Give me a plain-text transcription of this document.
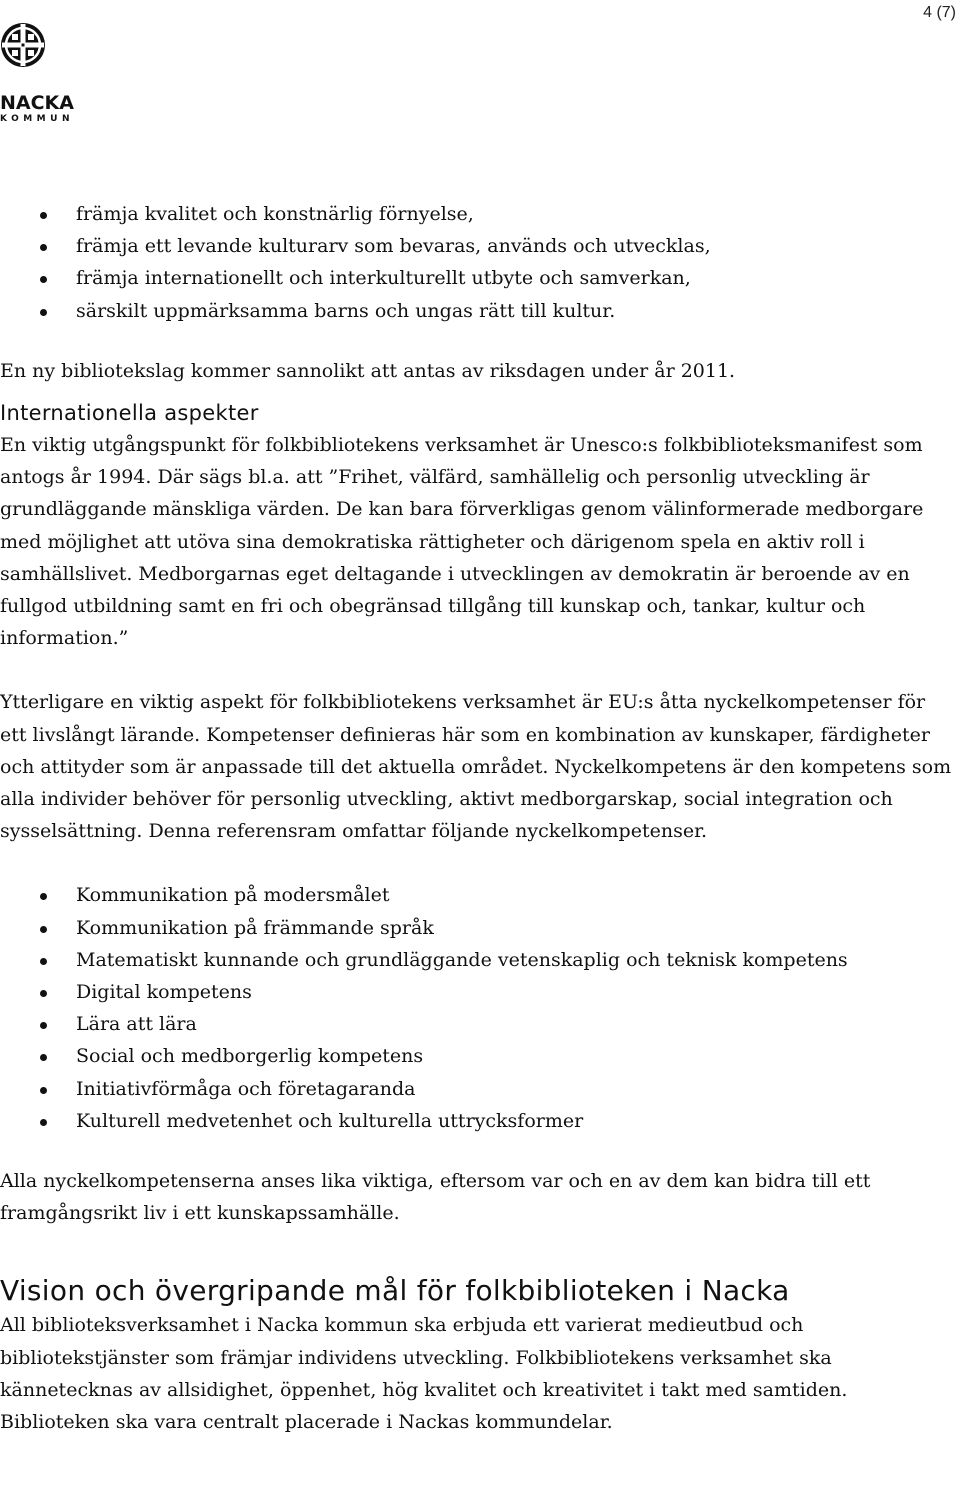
4 (7)
NACKA
KOMMUN
främja kvalitet och konstnärlig förnyelse,
främja ett levande kulturarv som bevaras, används och utvecklas,
främja internationellt och interkulturellt utbyte och samverkan,
särskilt uppmärksamma barns och ungas rätt till kultur.

En ny bibliotekslag kommer sannolikt att antas av riksdagen under år 2011.

Internationella aspekter

En viktig utgångspunkt för folkbibliotekens verksamhet är Unesco:s folkbiblioteksmanifest som antogs år 1994. Där sägs bl.a. att ”Frihet, välfärd, samhällelig och personlig utveckling är grundläggande mänskliga värden. De kan bara förverkligas genom välinformerade medborgare med möjlighet att utöva sina demokratiska rättigheter och därigenom spela en aktiv roll i samhällslivet. Medborgarnas eget deltagande i utvecklingen av demokratin är beroende av en fullgod utbildning samt en fri och obegränsad tillgång till kunskap och, tankar, kultur och information.”

Ytterligare en viktig aspekt för folkbibliotekens verksamhet är EU:s åtta nyckelkompetenser för ett livslångt lärande. Kompetenser definieras här som en kombination av kunskaper, färdigheter och attityder som är anpassade till det aktuella området. Nyckelkompetens är den kompetens som alla individer behöver för personlig utveckling, aktivt medborgarskap, social integration och sysselsättning. Denna referensram omfattar följande nyckelkompetenser.

Kommunikation på modersmålet
Kommunikation på främmande språk
Matematiskt kunnande och grundläggande vetenskaplig och teknisk kompetens
Digital kompetens
Lära att lära
Social och medborgerlig kompetens
Initiativförmåga och företagaranda
Kulturell medvetenhet och kulturella uttrycksformer

Alla nyckelkompetenserna anses lika viktiga, eftersom var och en av dem kan bidra till ett framgångsrikt liv i ett kunskapssamhälle.

Vision och övergripande mål för folkbiblioteken i Nacka

All biblioteksverksamhet i Nacka kommun ska erbjuda ett varierat medieutbud och bibliotekstjänster som främjar individens utveckling. Folkbibliotekens verksamhet ska kännetecknas av allsidighet, öppenhet, hög kvalitet och kreativitet i takt med samtiden. Biblioteken ska vara centralt placerade i Nackas kommundelar.
